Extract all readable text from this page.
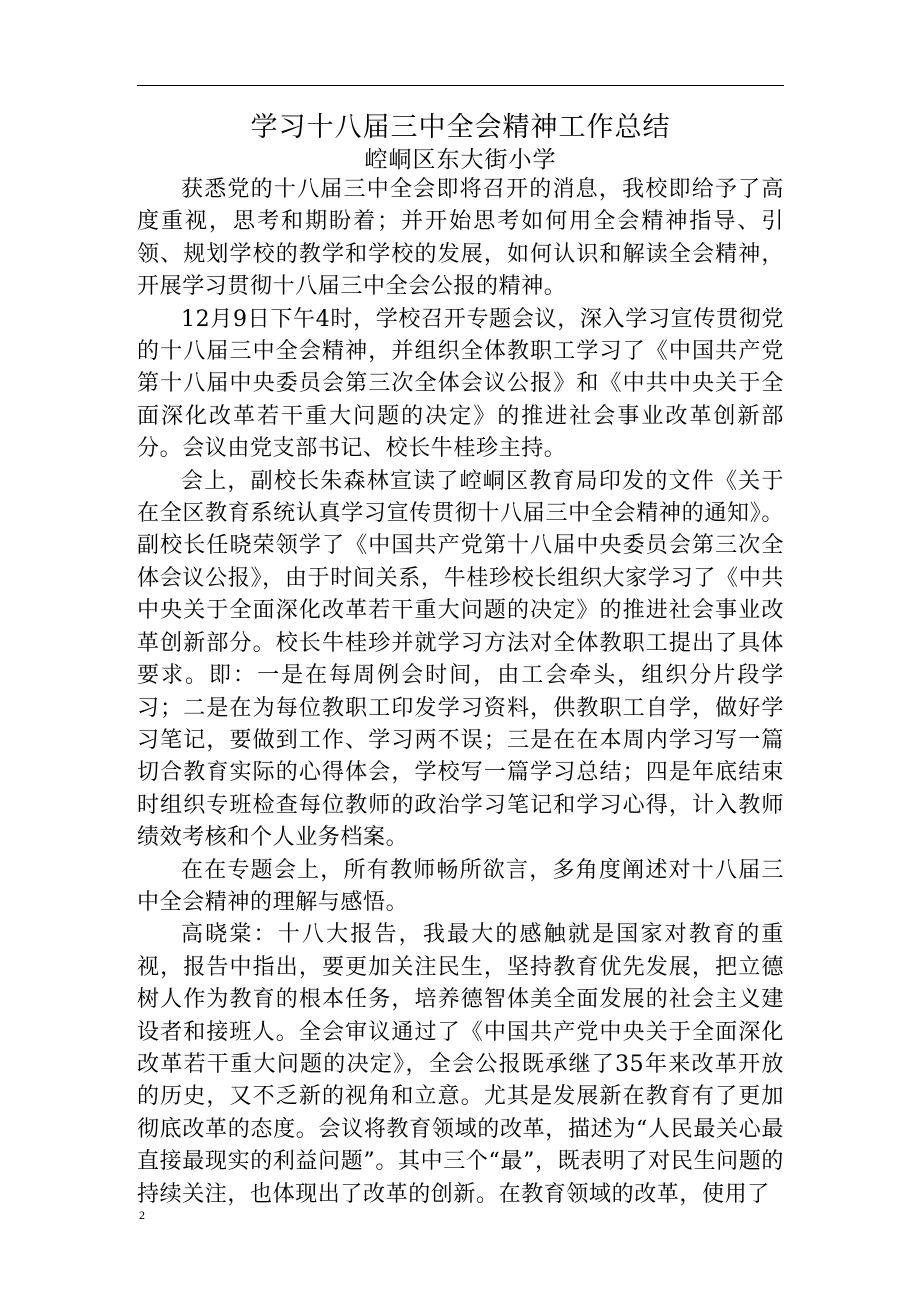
学习十八届三中全会精神工作总结
崆峒区东大街小学

获悉党的十八届三中全会即将召开的消息，我校即给予了高度重视，思考和期盼着；并开始思考如何用全会精神指导、引领、规划学校的教学和学校的发展，如何认识和解读全会精神，开展学习贯彻十八届三中全会公报的精神。

12月9日下午4时，学校召开专题会议，深入学习宣传贯彻党的十八届三中全会精神，并组织全体教职工学习了《中国共产党第十八届中央委员会第三次全体会议公报》和《中共中央关于全面深化改革若干重大问题的决定》的推进社会事业改革创新部分。会议由党支部书记、校长牛桂珍主持。

会上，副校长朱森林宣读了崆峒区教育局印发的文件《关于在全区教育系统认真学习宣传贯彻十八届三中全会精神的通知》。副校长任晓荣领学了《中国共产党第十八届中央委员会第三次全体会议公报》，由于时间关系，牛桂珍校长组织大家学习了《中共中央关于全面深化改革若干重大问题的决定》的推进社会事业改革创新部分。校长牛桂珍并就学习方法对全体教职工提出了具体要求。即：一是在每周例会时间，由工会牵头，组织分片段学习；二是在为每位教职工印发学习资料，供教职工自学，做好学习笔记，要做到工作、学习两不误；三是在在本周内学习写一篇切合教育实际的心得体会，学校写一篇学习总结；四是年底结束时组织专班检查每位教师的政治学习笔记和学习心得，计入教师绩效考核和个人业务档案。

在在专题会上，所有教师畅所欲言，多角度阐述对十八届三中全会精神的理解与感悟。

高晓棠：十八大报告，我最大的感触就是国家对教育的重视，报告中指出，要更加关注民生，坚持教育优先发展，把立德树人作为教育的根本任务，培养德智体美全面发展的社会主义建设者和接班人。全会审议通过了《中国共产党中央关于全面深化改革若干重大问题的决定》，全会公报既承继了35年来改革开放的历史，又不乏新的视角和立意。尤其是发展新在教育有了更加彻底改革的态度。会议将教育领域的改革，描述为“人民最关心最直接最现实的利益问题”。其中三个“最”，既表明了对民生问题的持续关注，也体现出了改革的创新。在教育领域的改革，使用了

2
